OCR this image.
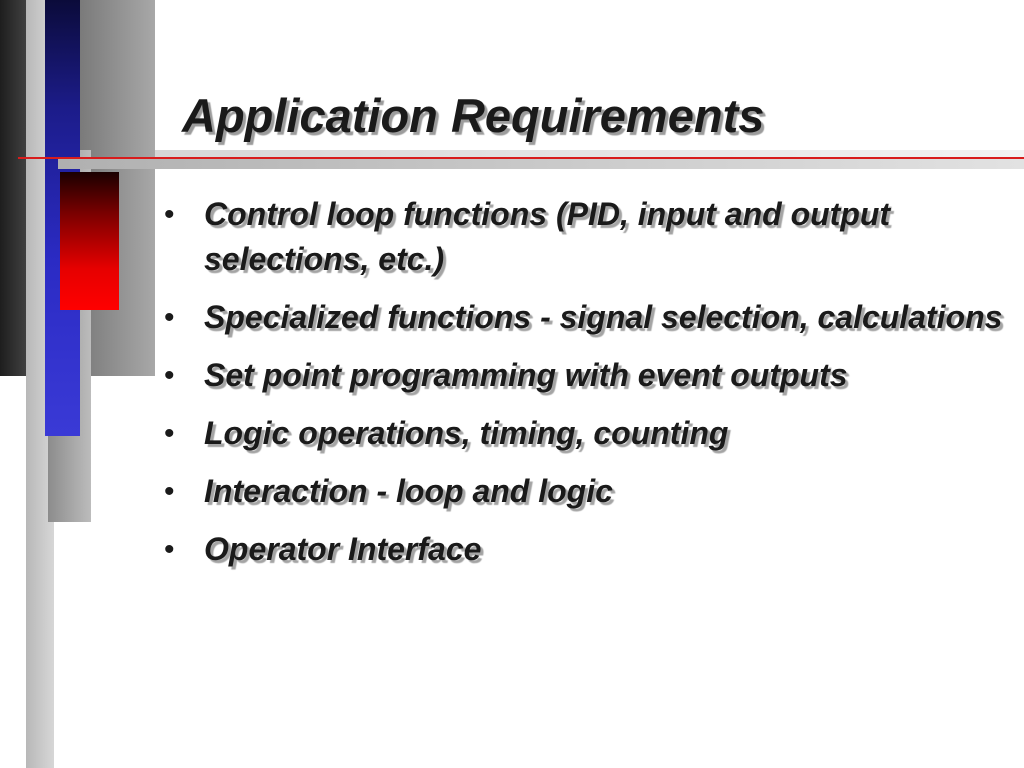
Application Requirements
• Control loop functions (PID, input and output selections, etc.)
• Specialized functions - signal selection, calculations
• Set point programming with event outputs
• Logic operations, timing, counting
• Interaction - loop and logic
• Operator Interface
